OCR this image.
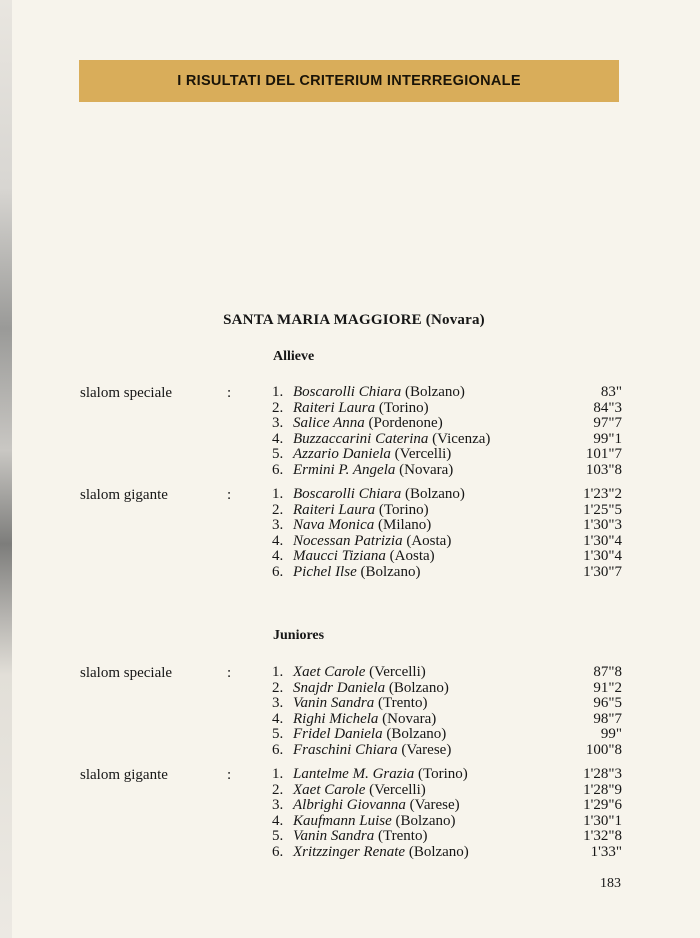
I RISULTATI DEL CRITERIUM INTERREGIONALE
SANTA MARIA MAGGIORE (Novara)
Allieve
slalom speciale	:	1. Boscarolli Chiara (Bolzano)	83"
2. Raiteri Laura (Torino)	84"3
3. Salice Anna (Pordenone)	97"7
4. Buzzaccarini Caterina (Vicenza)	99"1
5. Azzario Daniela (Vercelli)	101"7
6. Ermini P. Angela (Novara)	103"8
slalom gigante	:	1. Boscarolli Chiara (Bolzano)	1'23"2
2. Raiteri Laura (Torino)	1'25"5
3. Nava Monica (Milano)	1'30"3
4. Nocessan Patrizia (Aosta)	1'30"4
4. Maucci Tiziana (Aosta)	1'30"4
6. Pichel Ilse (Bolzano)	1'30"7
Juniores
slalom speciale	:	1. Xaet Carole (Vercelli)	87"8
2. Snajdr Daniela (Bolzano)	91"2
3. Vanin Sandra (Trento)	96"5
4. Righi Michela (Novara)	98"7
5. Fridel Daniela (Bolzano)	99"
6. Fraschini Chiara (Varese)	100"8
slalom gigante	:	1. Lantelme M. Grazia (Torino)	1'28"3
2. Xaet Carole (Vercelli)	1'28"9
3. Albrighi Giovanna (Varese)	1'29"6
4. Kaufmann Luise (Bolzano)	1'30"1
5. Vanin Sandra (Trento)	1'32"8
6. Xritzzinger Renate (Bolzano)	1'33"
183
